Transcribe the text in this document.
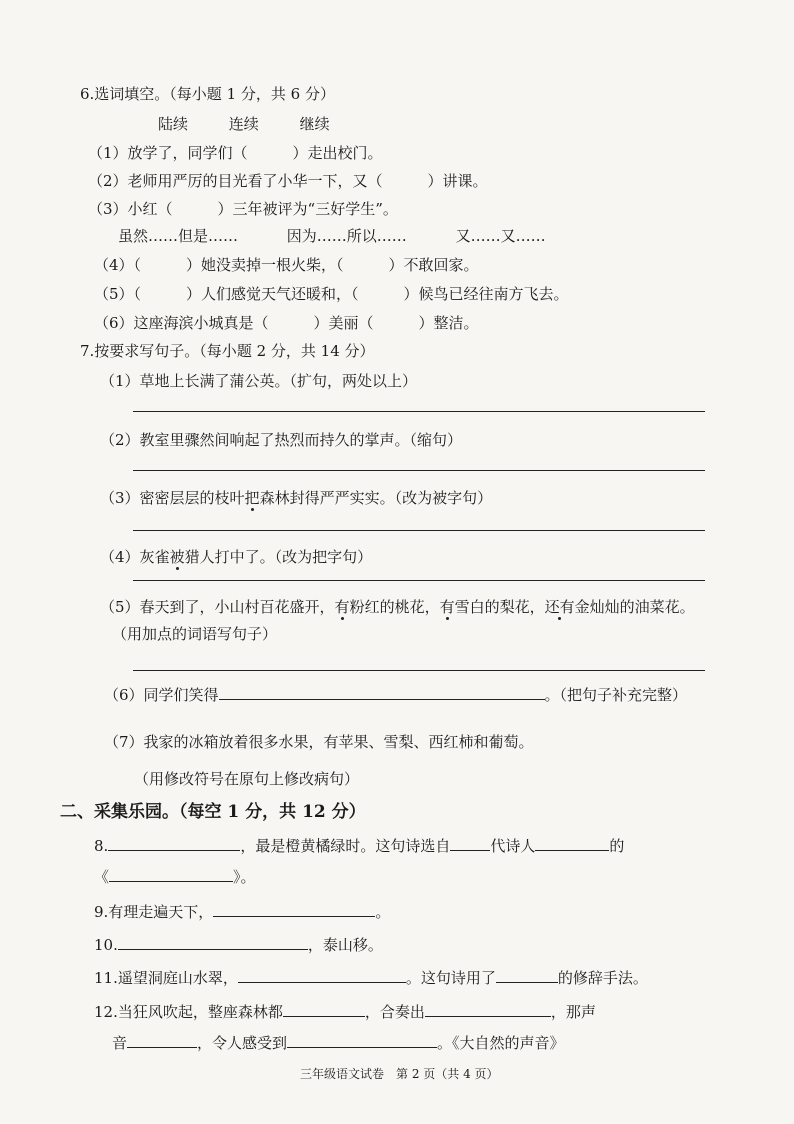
6.选词填空。（每小题 1 分，共 6 分）
陆续	连续	继续
（1）放学了，同学们（　　　）走出校门。
（2）老师用严厉的目光看了小华一下，又（　　　）讲课。
（3）小红（　　　）三年被评为“三好学生”。
虽然……但是……	因为……所以……	又……又……
（4）（　　　）她没卖掉一根火柴，（　　　）不敢回家。
（5）（　　　）人们感觉天气还暖和，（　　　）候鸟已经往南方飞去。
（6）这座海滨小城真是（　　　）美丽（　　　）整洁。
7.按要求写句子。（每小题 2 分，共 14 分）
（1）草地上长满了蒲公英。（扩句，两处以上）
（2）教室里骤然间响起了热烈而持久的掌声。（缩句）
（3）密密层层的枝叶把森林封得严严实实。（改为被字句）
（4）灰雀被猎人打中了。（改为把字句）
（5）春天到了，小山村百花盛开，有粉红的桃花，有雪白的梨花，还有金灿灿的油菜花。
（用加点的词语写句子）
（6）同学们笑得	。（把句子补充完整）
（7）我家的冰箱放着很多水果，有苹果、雪梨、西红柿和葡萄。
（用修改符号在原句上修改病句）
二、采集乐园。（每空 1 分，共 12 分）
8.	，最是橙黄橘绿时。这句诗选自	代诗人	的
《	》。
9.有理走遍天下，	。
10.	，泰山移。
11.遥望洞庭山水翠，	。这句诗用了	的修辞手法。
12.当狂风吹起，整座森林都	，合奏出	，那声
音	，令人感受到	。《大自然的声音》
三年级语文试卷　第 2 页（共 4 页）
